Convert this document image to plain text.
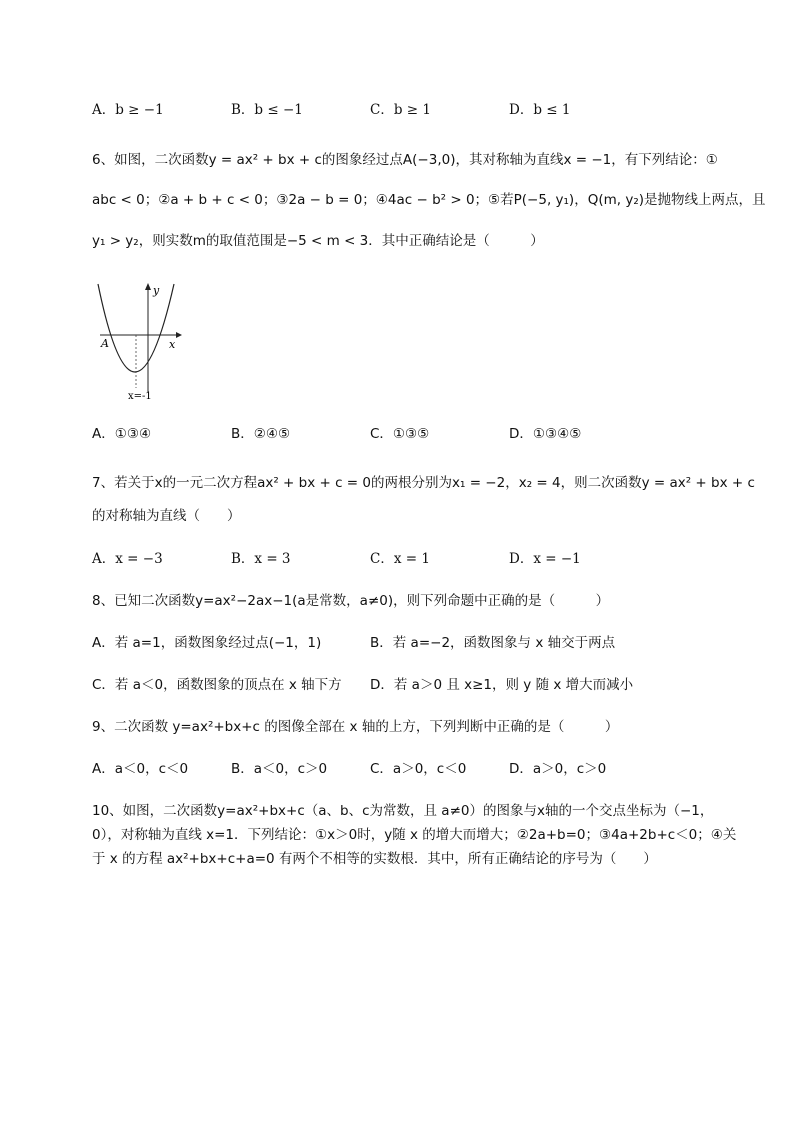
A．b ≥ −1	B．b ≤ −1	C．b ≥ 1	D．b ≤ 1
6、如图，二次函数y = ax² + bx + c的图象经过点A(−3,0)，其对称轴为直线x = −1，有下列结论：①
abc < 0；②a + b + c < 0；③2a − b = 0；④4ac − b² > 0；⑤若P(−5, y₁)，Q(m, y₂)是抛物线上两点，且
y₁ > y₂，则实数m的取值范围是−5 < m < 3．其中正确结论是（　　　）
y
x
A
x=-1
A．①③④	B．②④⑤	C．①③⑤	D．①③④⑤
7、若关于x的一元二次方程ax² + bx + c = 0的两根分别为x₁ = −2，x₂ = 4，则二次函数y = ax² + bx + c
的对称轴为直线（　　）
A．x = −3	B．x = 3	C．x = 1	D．x = −1
8、已知二次函数y=ax²−2ax−1(a是常数，a≠0)，则下列命题中正确的是（　　　）
A．若 a=1，函数图象经过点(−1，1)	B．若 a=−2，函数图象与 x 轴交于两点
C．若 a＜0，函数图象的顶点在 x 轴下方 D．若 a＞0 且 x≥1，则 y 随 x 增大而减小
9、二次函数 y=ax²+bx+c 的图像全部在 x 轴的上方，下列判断中正确的是（　　　）
A．a＜0，c＜0	B．a＜0，c＞0	C．a＞0，c＜0	D．a＞0，c＞0
10、如图，二次函数y=ax²+bx+c（a、b、c为常数，且 a≠0）的图象与x轴的一个交点坐标为（−1，0），对称轴为直线 x=1．下列结论：①x＞0时，y随 x 的增大而增大；②2a+b=0；③4a+2b+c＜0；④关于 x 的方程 ax²+bx+c+a=0 有两个不相等的实数根．其中，所有正确结论的序号为（　　）
